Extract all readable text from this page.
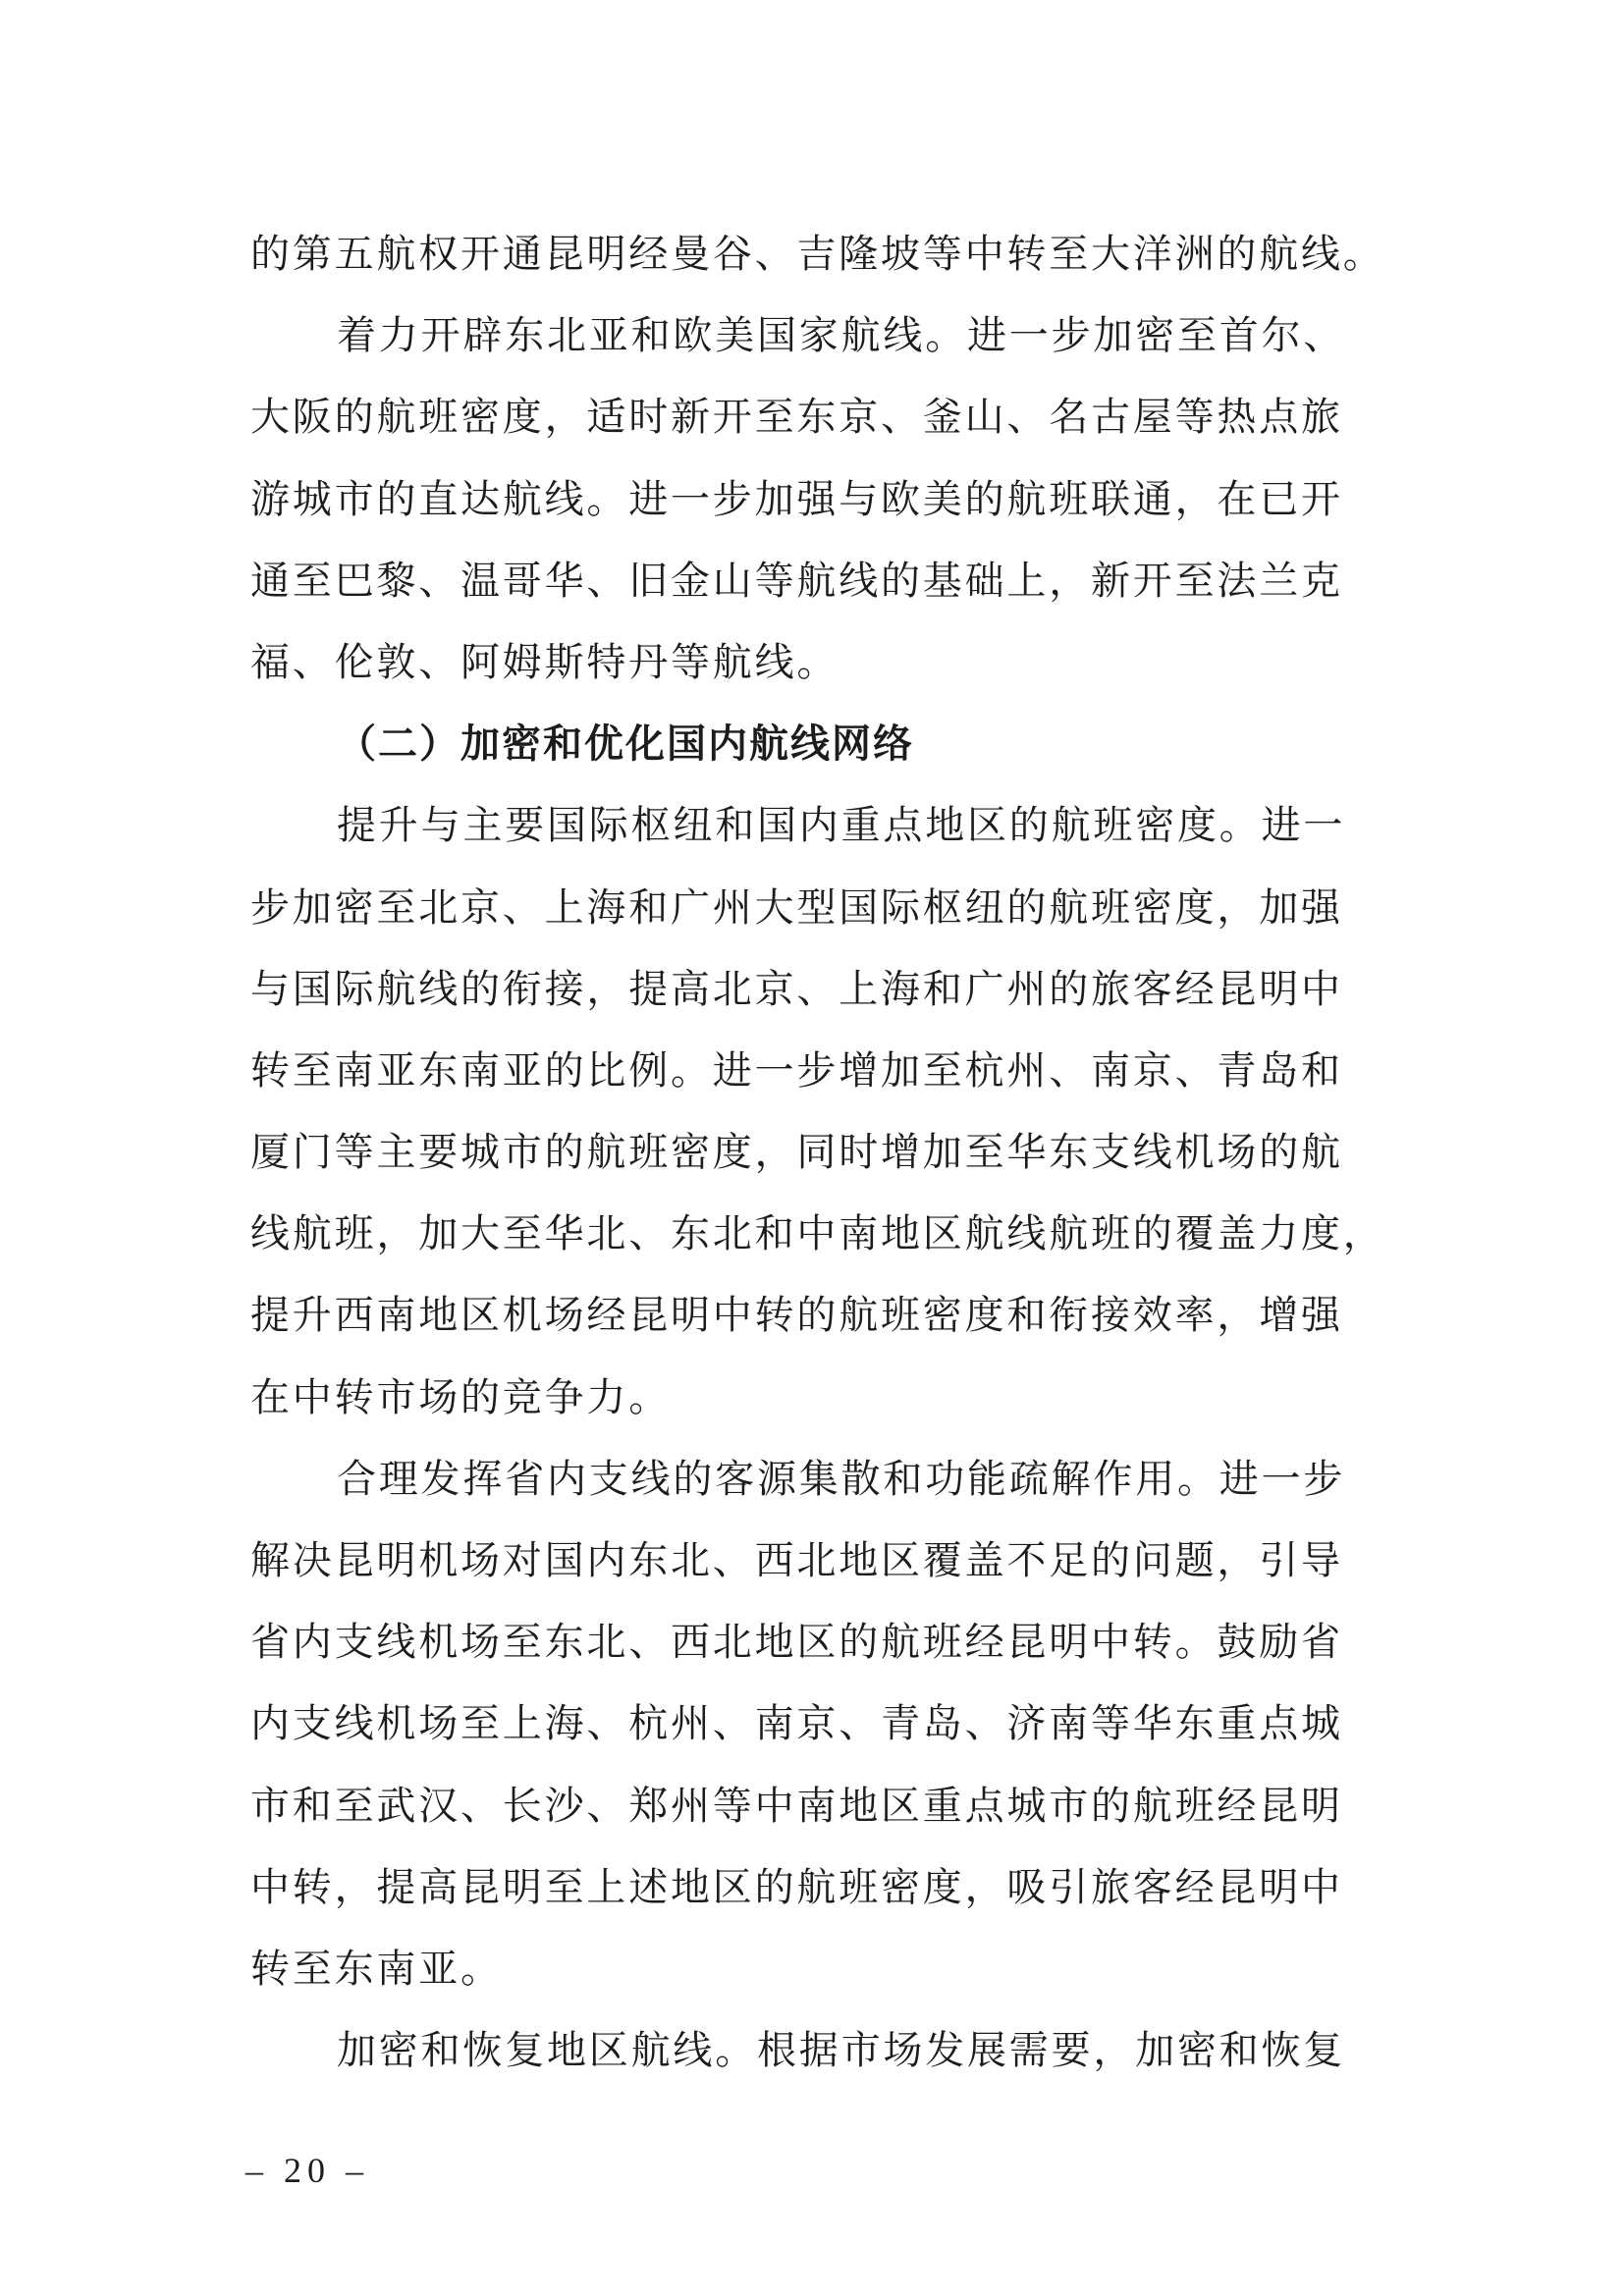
的第五航权开通昆明经曼谷、吉隆坡等中转至大洋洲的航线。
着力开辟东北亚和欧美国家航线。进一步加密至首尔、
大阪的航班密度，适时新开至东京、釜山、名古屋等热点旅
游城市的直达航线。进一步加强与欧美的航班联通，在已开
通至巴黎、温哥华、旧金山等航线的基础上，新开至法兰克
福、伦敦、阿姆斯特丹等航线。
（二）加密和优化国内航线网络
提升与主要国际枢纽和国内重点地区的航班密度。进一
步加密至北京、上海和广州大型国际枢纽的航班密度，加强
与国际航线的衔接，提高北京、上海和广州的旅客经昆明中
转至南亚东南亚的比例。进一步增加至杭州、南京、青岛和
厦门等主要城市的航班密度，同时增加至华东支线机场的航
线航班，加大至华北、东北和中南地区航线航班的覆盖力度，
提升西南地区机场经昆明中转的航班密度和衔接效率，增强
在中转市场的竞争力。
合理发挥省内支线的客源集散和功能疏解作用。进一步
解决昆明机场对国内东北、西北地区覆盖不足的问题，引导
省内支线机场至东北、西北地区的航班经昆明中转。鼓励省
内支线机场至上海、杭州、南京、青岛、济南等华东重点城
市和至武汉、长沙、郑州等中南地区重点城市的航班经昆明
中转，提高昆明至上述地区的航班密度，吸引旅客经昆明中
转至东南亚。
加密和恢复地区航线。根据市场发展需要，加密和恢复
– 20 –
